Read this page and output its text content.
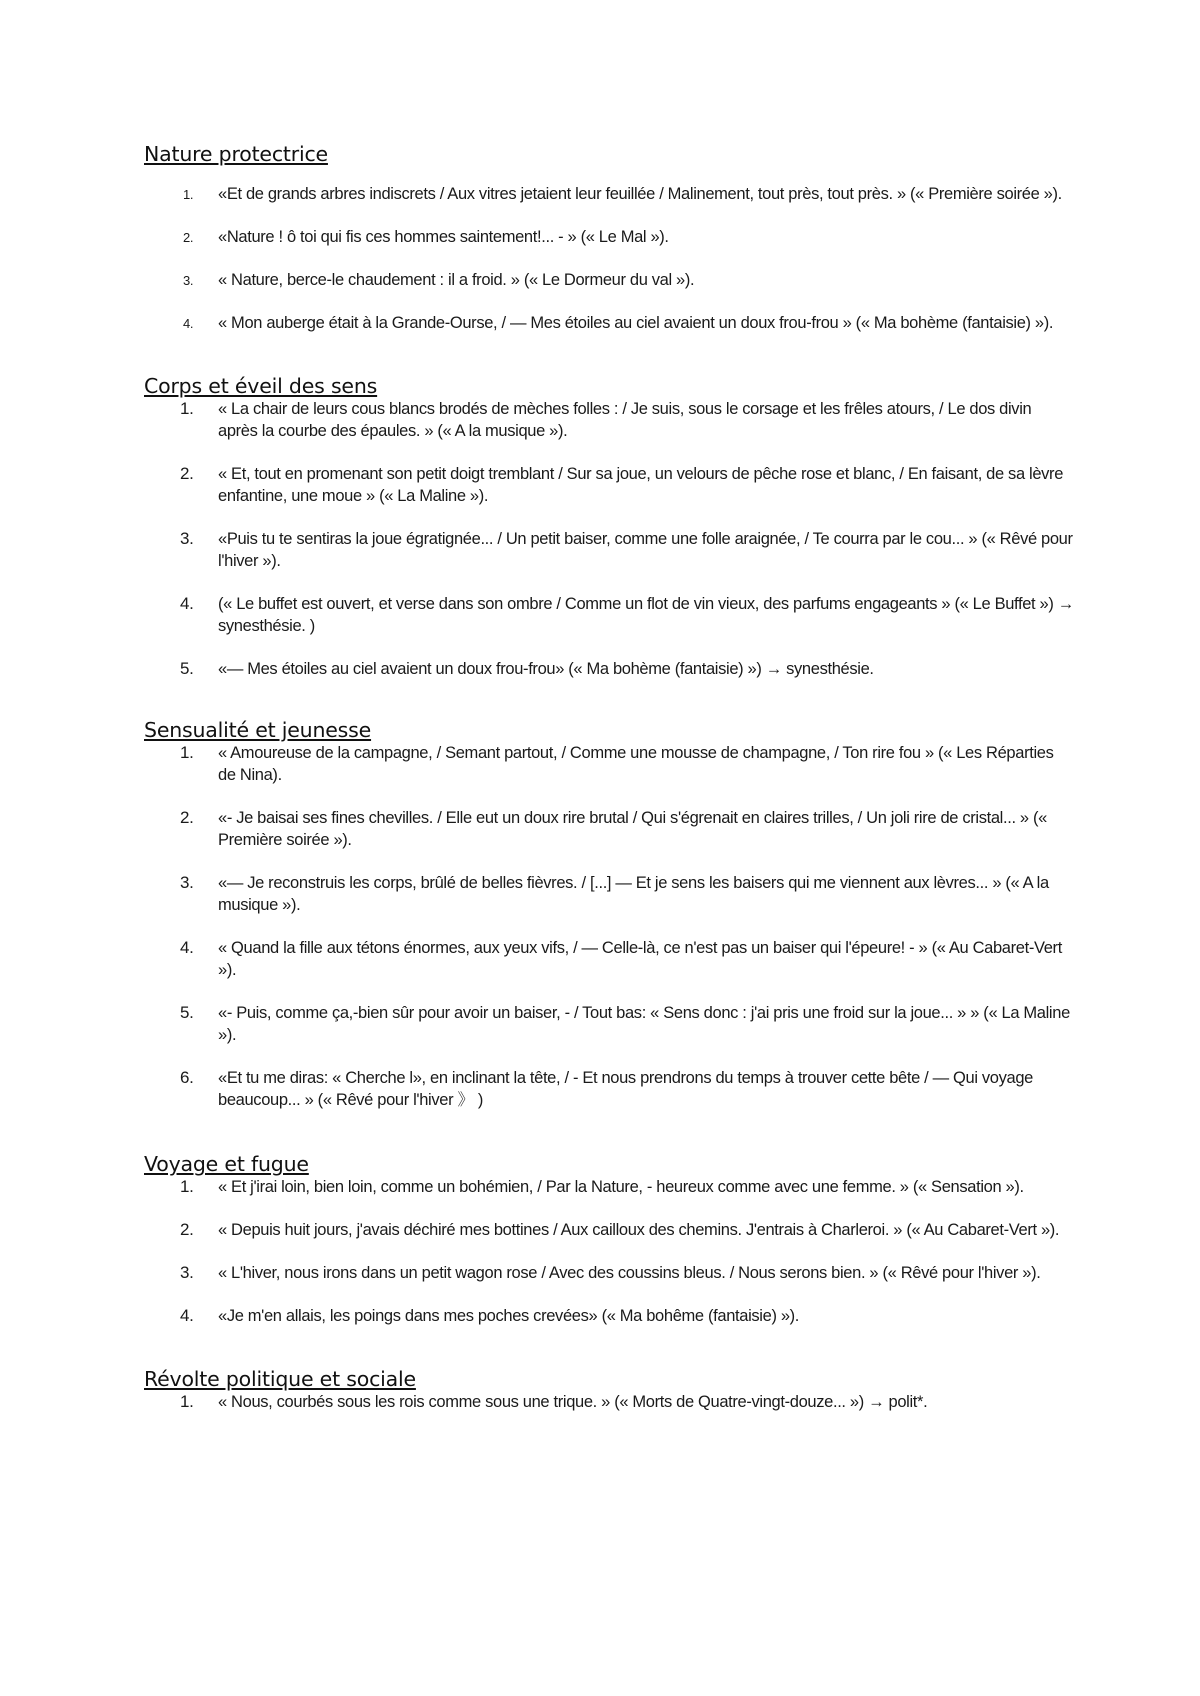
Nature protectrice
1. «Et de grands arbres indiscrets / Aux vitres jetaient leur feuillée / Malinement, tout près, tout près. » (« Première soirée »).
2. «Nature ! ô toi qui fis ces hommes saintement!... - » (« Le Mal »).
3. « Nature, berce-le chaudement : il a froid. » (« Le Dormeur du val »).
4. « Mon auberge était à la Grande-Ourse, / — Mes étoiles au ciel avaient un doux frou-frou » (« Ma bohème (fantaisie) »).
Corps et éveil des sens
1. « La chair de leurs cous blancs brodés de mèches folles : / Je suis, sous le corsage et les frêles atours, / Le dos divin après la courbe des épaules. » (« A la musique »).
2. « Et, tout en promenant son petit doigt tremblant / Sur sa joue, un velours de pêche rose et blanc, / En faisant, de sa lèvre enfantine, une moue » (« La Maline »).
3. «Puis tu te sentiras la joue égratignée... / Un petit baiser, comme une folle araignée, / Te courra par le cou... » (« Rêvé pour l'hiver »).
4. (« Le buffet est ouvert, et verse dans son ombre / Comme un flot de vin vieux, des parfums engageants » (« Le Buffet ») → synesthésie. )
5. «— Mes étoiles au ciel avaient un doux frou-frou» (« Ma bohème (fantaisie) ») → synesthésie.
Sensualité et jeunesse
1. « Amoureuse de la campagne, / Semant partout, / Comme une mousse de champagne, / Ton rire fou » (« Les Réparties de Nina).
2. «- Je baisai ses fines chevilles. / Elle eut un doux rire brutal / Qui s'égrenait en claires trilles, / Un joli rire de cristal... » (« Première soirée »).
3. «— Je reconstruis les corps, brûlé de belles fièvres. / [...] — Et je sens les baisers qui me viennent aux lèvres... » (« A la musique »).
4. « Quand la fille aux tétons énormes, aux yeux vifs, / — Celle-là, ce n'est pas un baiser qui l'épeure! - » (« Au Cabaret-Vert »).
5. «- Puis, comme ça,-bien sûr pour avoir un baiser, - / Tout bas: « Sens donc : j'ai pris une froid sur la joue... » » (« La Maline »).
6. «Et tu me diras: « Cherche l», en inclinant la tête, / - Et nous prendrons du temps à trouver cette bête / — Qui voyage beaucoup... » (« Rêvé pour l'hiver 》 )
Voyage et fugue
1. « Et j'irai loin, bien loin, comme un bohémien, / Par la Nature, - heureux comme avec une femme. » (« Sensation »).
2. « Depuis huit jours, j'avais déchiré mes bottines / Aux cailloux des chemins. J'entrais à Charleroi. » (« Au Cabaret-Vert »).
3. « L'hiver, nous irons dans un petit wagon rose / Avec des coussins bleus. / Nous serons bien. » (« Rêvé pour l'hiver »).
4. «Je m'en allais, les poings dans mes poches crevées» (« Ma bohême (fantaisie) »).
Révolte politique et sociale
1. « Nous, courbés sous les rois comme sous une trique. » (« Morts de Quatre-vingt-douze... ») → polit*.
